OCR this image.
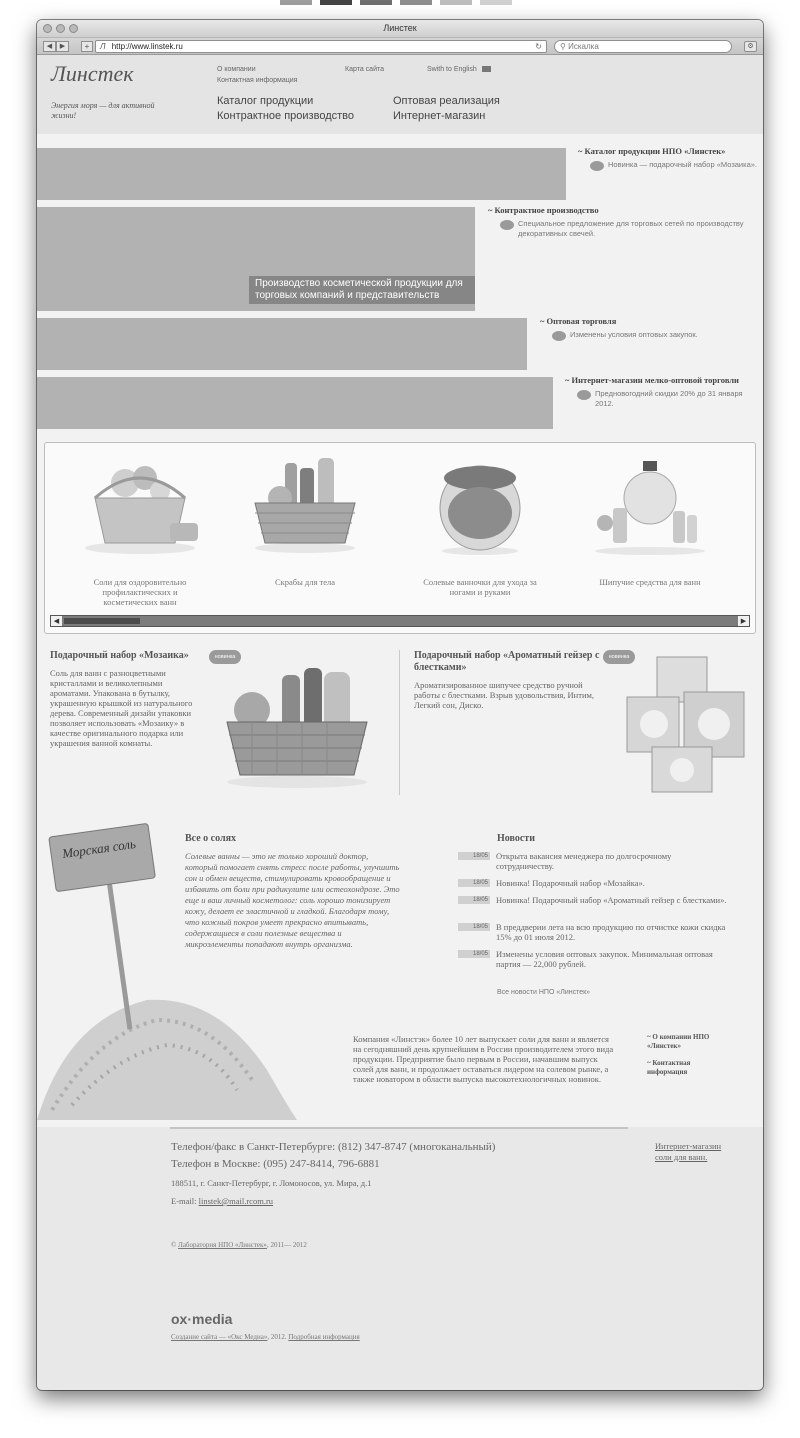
Линстек
◀	▶	+	Л http://www.linstek.ru	↻	⚲ Искалка	⚙
Линстек
Энергия моря — для активной жизни!
О компании
Контактная информация
Карта сайта	Swith to English
Каталог продукции
Контрактное производство
Оптовая реализация
Интернет-магазин
~ Каталог продукции НПО «Линстек»
Новинка — подарочный набор «Мозаика».
Производство косметической продукции для торговых компаний и представительств
~ Контрактное производство
Специальное предложение для торговых сетей по производству декоративных свечей.
~ Оптовая торговля
Изменены условия оптовых закупок.
~ Интернет-магазин мелко-оптовой торговли
Предновогодний скидки 20% до 31 января 2012.
Соли для оздоровительно профилактических и косметических ванн
Скрабы для тела	Солевые ванночки для ухода за ногами и руками
Шипучие средства для ванн
◀	▶
Подарочный набор «Мозаика»
Соль для ванн с разноцветными кристаллами и великолепными ароматами. Упакована в бутылку, украшенную крышкой из натурального дерева. Современный дизайн упаковки позволяет использовать «Мозаику» в качестве оригинального подарка или украшения ванной комнаты.
новинка	Подарочный набор «Ароматный гейзер с блестками»
Ароматизированное шипучее средство ручной работы с блестками. Взрыв удовольствия, Интим, Легкий сон, Диско.
новинка
Морская соль	Все о солях
Солевые ванны — это не только хороший доктор, который помогает снять стресс после работы, улучшить сон и обмен веществ, стимулировать кровообращение и избавить от боли при радикулите или остеохондрозе. Это еще и ваш личный косметолог: соль хорошо тонизирует кожу, делает ее эластичной и гладкой. Благодаря тому, что кожный покров умеет прекрасно впитывать, содержащиеся в соли полезные вещества и микроэлементы попадают внутрь организма.
Новости
18/05 Открыта вакансия менеджера по долгосрочному сотрудничеству.
18/05 Новинка! Подарочный набор «Мозайка».
18/05 Новинка! Подарочный набор «Ароматный гейзер с блестками».
18/05 В преддверии лета на всю продукцию по отчистке кожи скидка 15% до 01 июля 2012.
18/05 Изменены условия оптовых закупок. Минимальная оптовая партия — 22,000 рублей.
Все новости НПО «Линстек»
Компания «Линстэк» более 10 лет выпускает соли для ванн и является на сегодняшний день крупнейшим в России производителем этого вида продукции. Предприятие было первым в России, начавшим выпуск солей для ванн, и продолжает оставаться лидером на солевом рынке, а также новатором в области выпуска высокотехнологичных новинок.
~ О компании НПО «Линстек»
~ Контактная информация
Телефон/факс в Санкт-Петербурге: (812) 347-8747 (многоканальный)
Телефон в Москве: (095) 247-8414, 796-6881
188511, г. Санкт-Петербург, г. Ломоносов, ул. Мира, д.1
E-mail: linstek@mail.rcom.ru
Интернет-магазин соли для ванн.
© Лаборатория НПО «Линстек», 2011— 2012
ox·media
Создание сайта — «Окс Медиа», 2012. Подробная информация
